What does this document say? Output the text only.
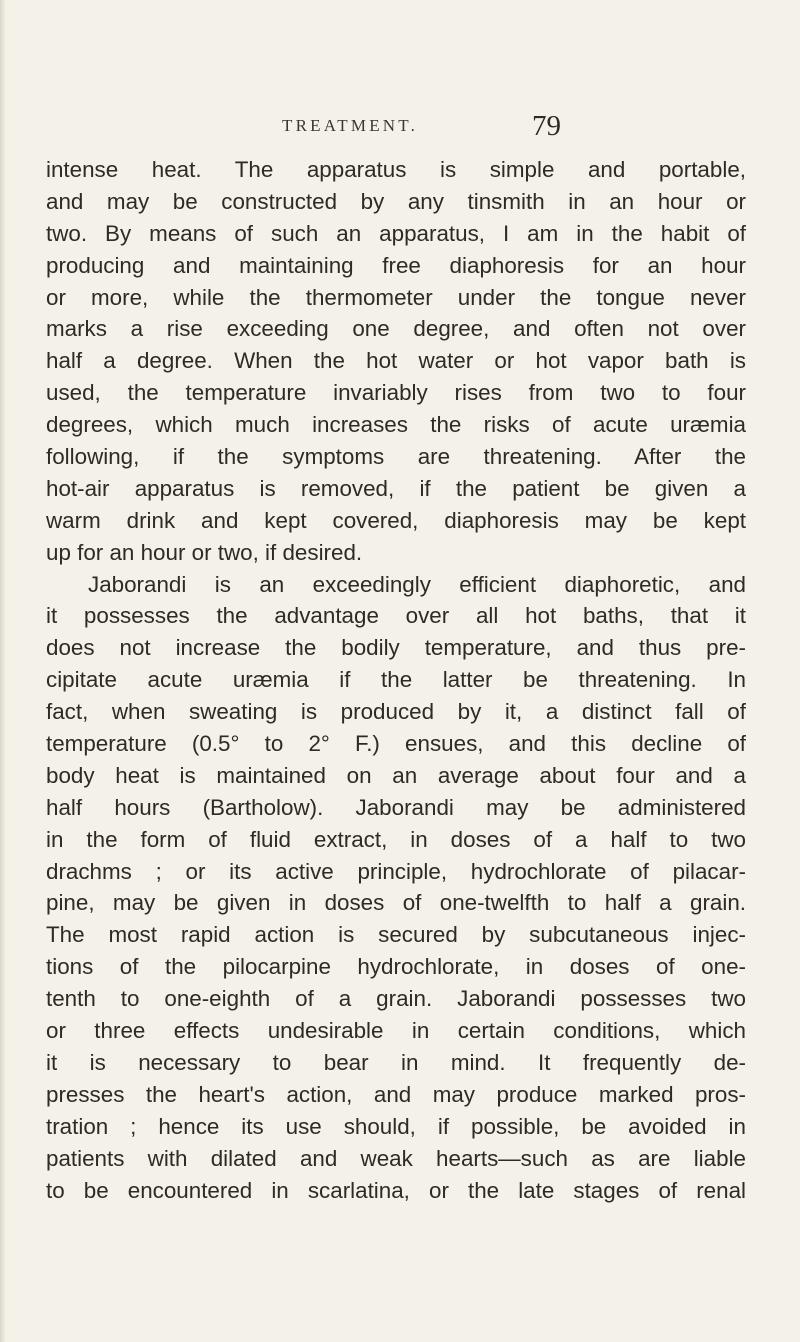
TREATMENT.	79
intense heat. The apparatus is simple and portable,
and may be constructed by any tinsmith in an hour or
two. By means of such an apparatus, I am in the habit of
producing and maintaining free diaphoresis for an hour
or more, while the thermometer under the tongue never
marks a rise exceeding one degree, and often not over
half a degree. When the hot water or hot vapor bath is
used, the temperature invariably rises from two to four
degrees, which much increases the risks of acute uræmia
following, if the symptoms are threatening. After the
hot-air apparatus is removed, if the patient be given a
warm drink and kept covered, diaphoresis may be kept
up for an hour or two, if desired.
Jaborandi is an exceedingly efficient diaphoretic, and
it possesses the advantage over all hot baths, that it
does not increase the bodily temperature, and thus pre-
cipitate acute uræmia if the latter be threatening. In
fact, when sweating is produced by it, a distinct fall of
temperature (0.5° to 2° F.) ensues, and this decline of
body heat is maintained on an average about four and a
half hours (Bartholow). Jaborandi may be administered
in the form of fluid extract, in doses of a half to two
drachms ; or its active principle, hydrochlorate of pilacar-
pine, may be given in doses of one-twelfth to half a grain.
The most rapid action is secured by subcutaneous injec-
tions of the pilocarpine hydrochlorate, in doses of one-
tenth to one-eighth of a grain. Jaborandi possesses two
or three effects undesirable in certain conditions, which
it is necessary to bear in mind. It frequently de-
presses the heart's action, and may produce marked pros-
tration ; hence its use should, if possible, be avoided in
patients with dilated and weak hearts—such as are liable
to be encountered in scarlatina, or the late stages of renal
